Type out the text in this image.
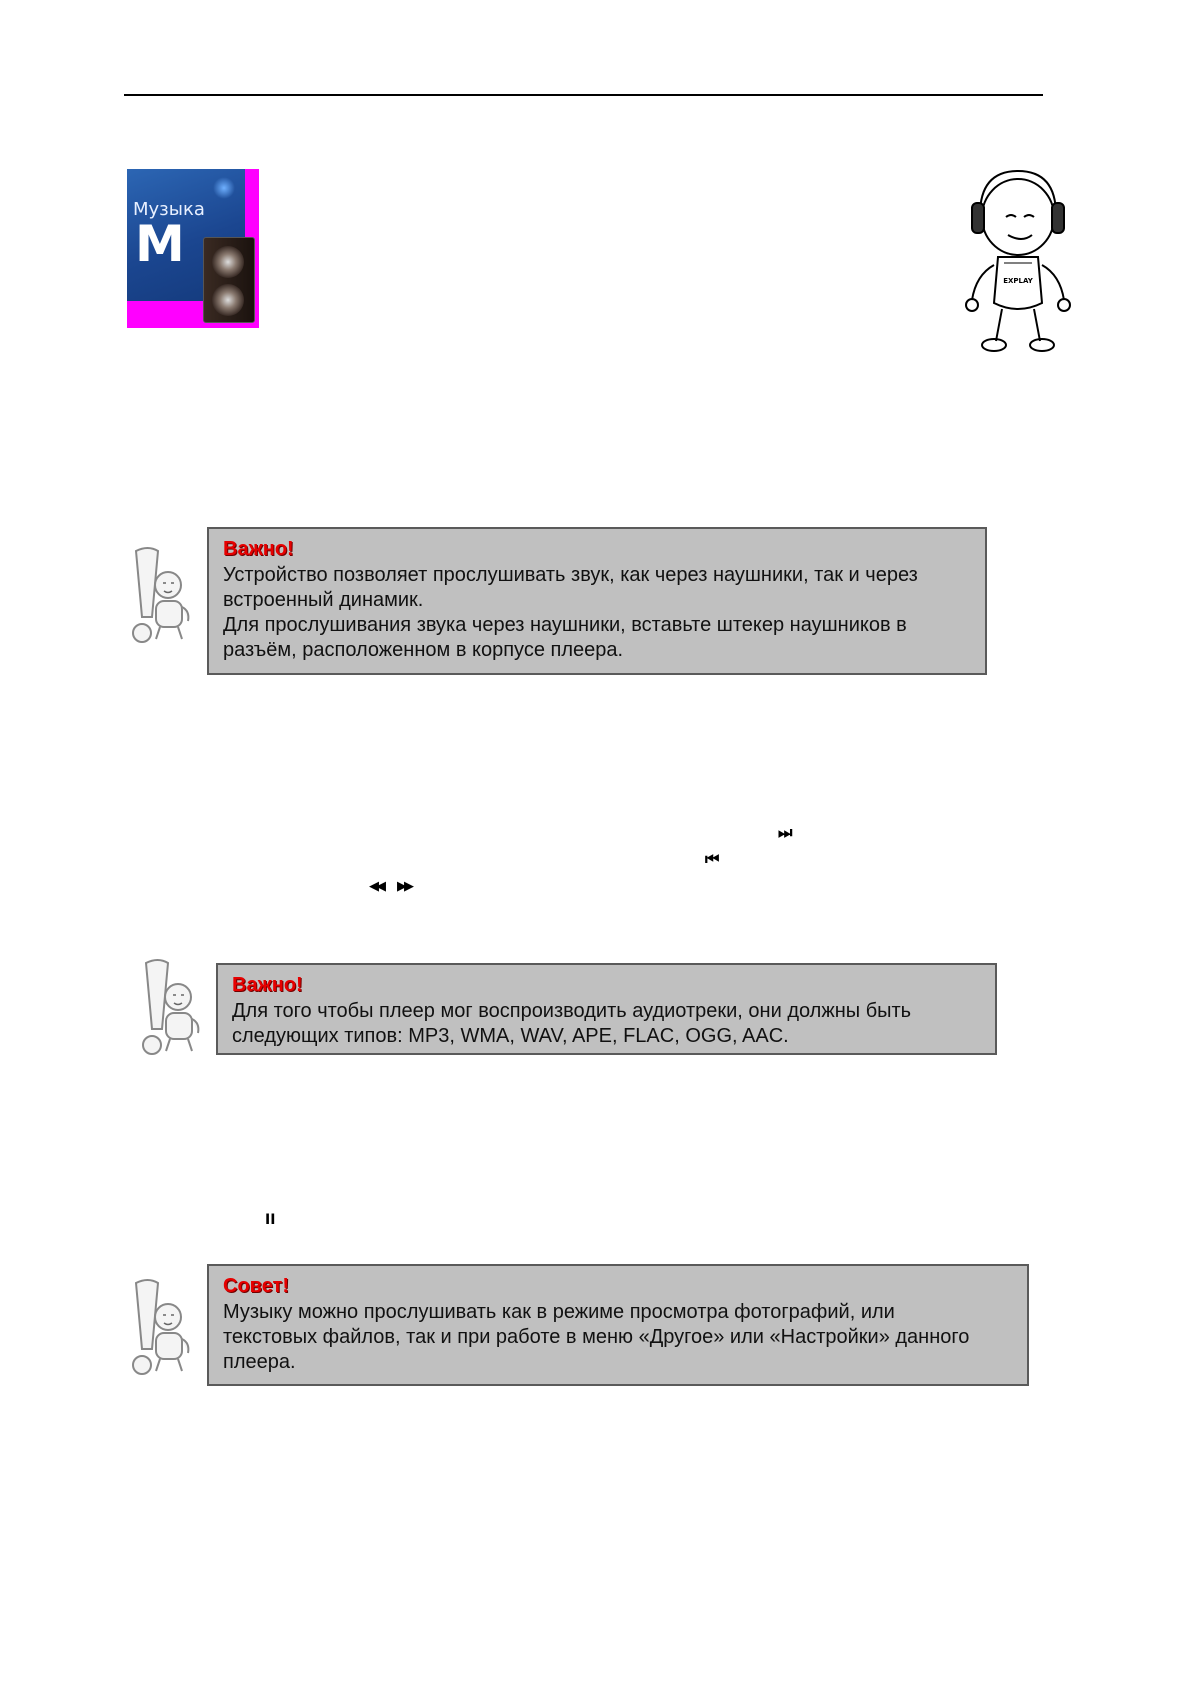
Музыка
M
EXPLAY
Важно!
Устройство позволяет прослушивать звук, как через наушники, так и через
встроенный динамик.
Для прослушивания звука через наушники, вставьте штекер наушников в
разъём, расположенном в корпусе плеера.
⏭
⏮
◀◀ ▶▶
Важно!
Для того чтобы плеер мог воспроизводить аудиотреки, они должны быть
следующих типов: MP3, WMA, WAV, APE, FLAC, OGG, AAC.
II
Совет!
Музыку можно прослушивать как в режиме просмотра фотографий, или
текстовых файлов, так и при работе в меню «Другое» или «Настройки» данного
плеера.
